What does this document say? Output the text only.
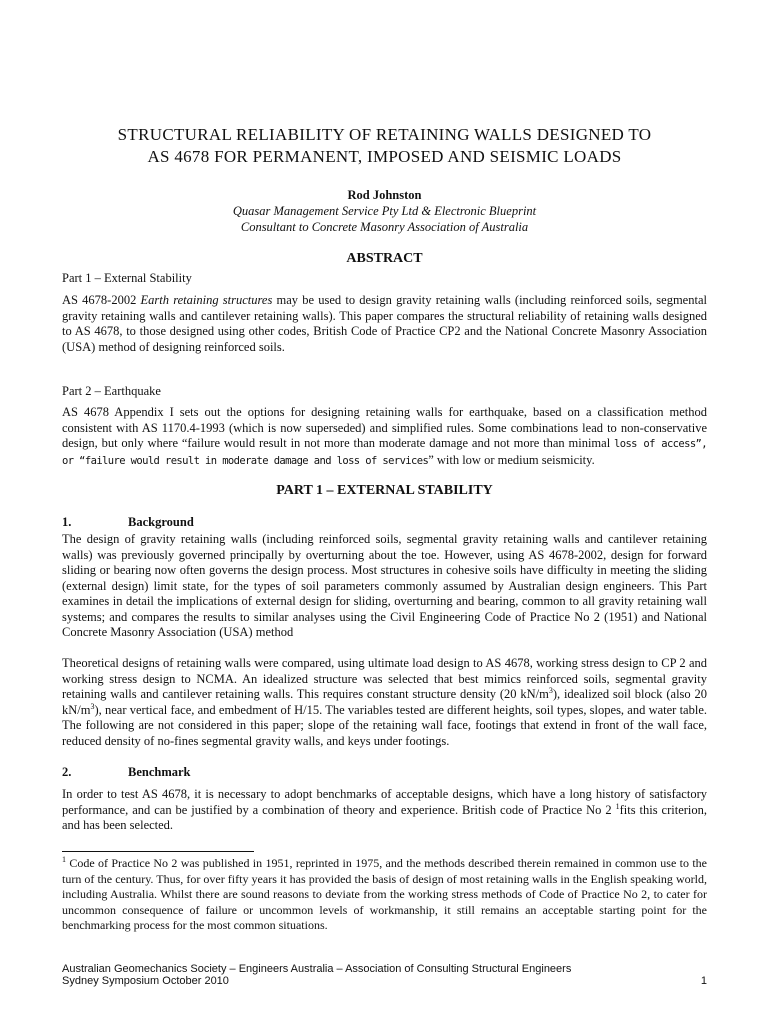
STRUCTURAL RELIABILITY OF RETAINING WALLS DESIGNED TO
AS 4678 FOR PERMANENT, IMPOSED AND SEISMIC LOADS
Rod Johnston
Quasar Management Service Pty Ltd & Electronic Blueprint
Consultant to Concrete Masonry Association of Australia
ABSTRACT
Part 1 – External Stability
AS 4678-2002 Earth retaining structures may be used to design gravity retaining walls (including reinforced soils, segmental gravity retaining walls and cantilever retaining walls). This paper compares the structural reliability of retaining walls designed to AS 4678, to those designed using other codes, British Code of Practice CP2 and the National Concrete Masonry Association (USA) method of designing reinforced soils.
Part 2 – Earthquake
AS 4678 Appendix I sets out the options for designing retaining walls for earthquake, based on a classification method consistent with AS 1170.4-1993 (which is now superseded) and simplified rules. Some combinations lead to non-conservative design, but only where “failure would result in not more than moderate damage and not more than minimal loss of access”, or “failure would result in moderate damage and loss of services” with low or medium seismicity.
PART 1 – EXTERNAL STABILITY
1.	Background
The design of gravity retaining walls (including reinforced soils, segmental gravity retaining walls and cantilever retaining walls) was previously governed principally by overturning about the toe. However, using AS 4678-2002, design for forward sliding or bearing now often governs the design process. Most structures in cohesive soils have difficulty in meeting the sliding (external design) limit state, for the types of soil parameters commonly assumed by Australian design engineers. This Part examines in detail the implications of external design for sliding, overturning and bearing, common to all gravity retaining wall systems; and compares the results to similar analyses using the Civil Engineering Code of Practice No 2 (1951) and National Concrete Masonry Association (USA) method
Theoretical designs of retaining walls were compared, using ultimate load design to AS 4678, working stress design to CP 2 and working stress design to NCMA. An idealized structure was selected that best mimics reinforced soils, segmental gravity retaining walls and cantilever retaining walls. This requires constant structure density (20 $kN/m^3$), idealized soil block (also 20 $kN/m^3$), near vertical face, and embedment of H/15. The variables tested are different heights, soil types, slopes, and water table. The following are not considered in this paper; slope of the retaining wall face, footings that extend in front of the wall face, reduced density of no-fines segmental gravity walls, and keys under footings.
2.	Benchmark
In order to test AS 4678, it is necessary to adopt benchmarks of acceptable designs, which have a long history of satisfactory performance, and can be justified by a combination of theory and experience. British code of Practice No 2 $^1$fits this criterion, and has been selected.
$^1$ Code of Practice No 2 was published in 1951, reprinted in 1975, and the methods described therein remained in common use to the turn of the century. Thus, for over fifty years it has provided the basis of design of most retaining walls in the English speaking world, including Australia. Whilst there are sound reasons to deviate from the working stress methods of Code of Practice No 2, to cater for uncommon consequence of failure or uncommon levels of workmanship, it still remains an acceptable starting point for the benchmarking process for the most common situations.
Australian Geomechanics Society – Engineers Australia – Association of Consulting Structural Engineers
Sydney Symposium October 2010	1
